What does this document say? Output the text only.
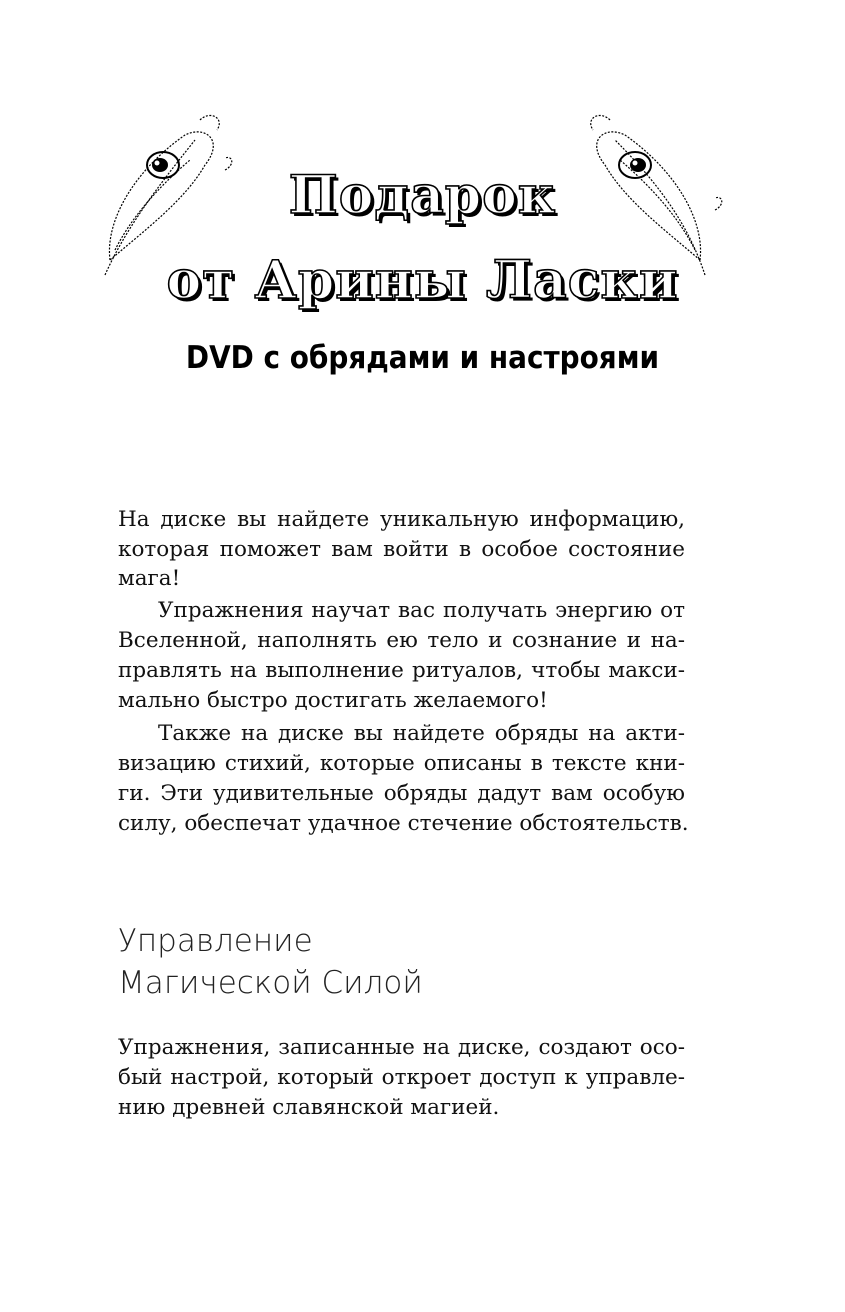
Подарок
от Арины Ласки
DVD с обрядами и настроями
На диске вы найдете уникальную информацию,
которая поможет вам войти в особое состояние
мага!
Упражнения научат вас получать энергию от
Вселенной, наполнять ею тело и сознание и на-
правлять на выполнение ритуалов, чтобы макси-
мально быстро достигать желаемого!
Также на диске вы найдете обряды на акти-
визацию стихий, которые описаны в тексте кни-
ги. Эти удивительные обряды дадут вам особую
силу, обеспечат удачное стечение обстоятельств.
Управление
Магической Силой
Упражнения, записанные на диске, создают осо-
бый настрой, который откроет доступ к управле-
нию древней славянской магией.
